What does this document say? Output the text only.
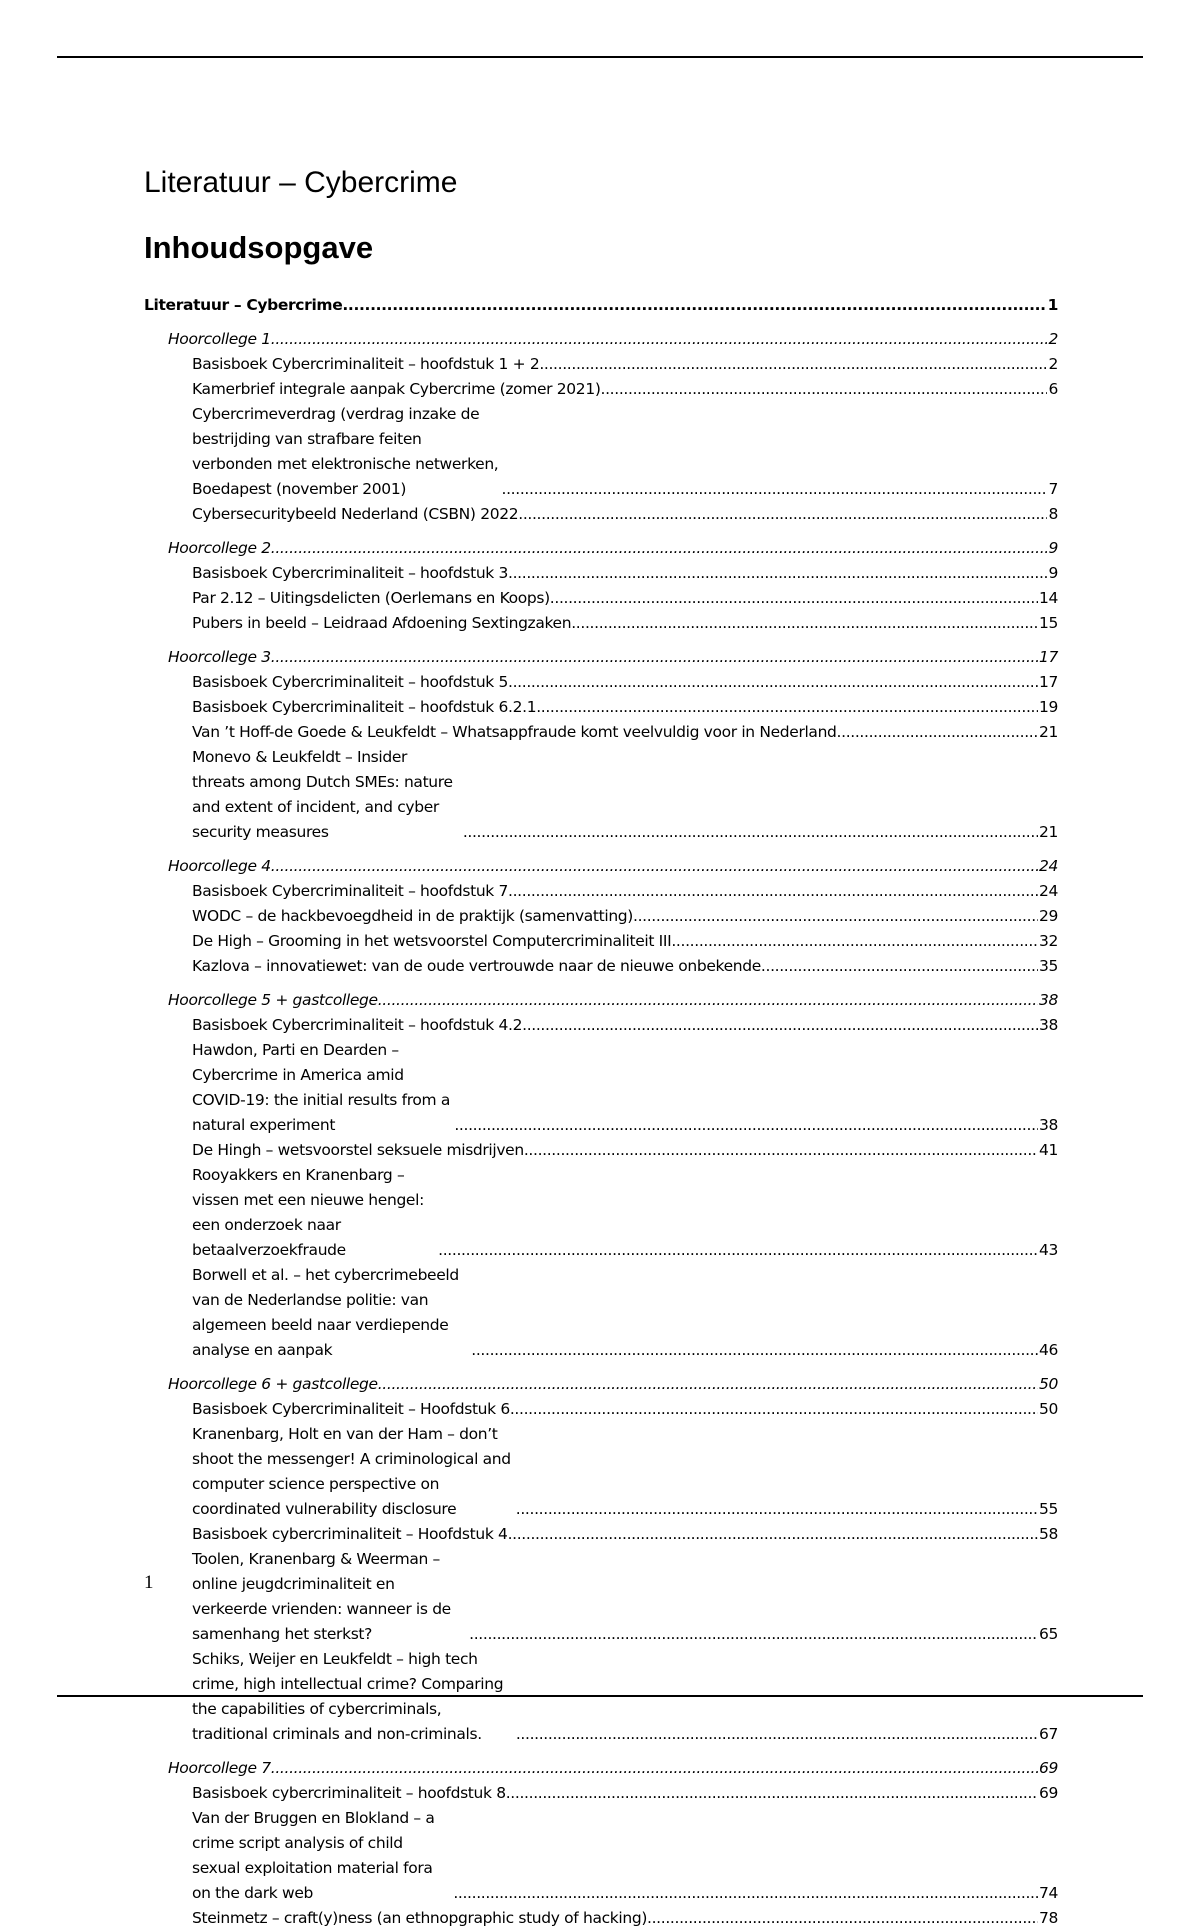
Literatuur – Cybercrime
Inhoudsopgave
Literatuur – Cybercrime .....	1
Hoorcollege 1 .....	2
Basisboek Cybercriminaliteit – hoofdstuk 1 + 2 .....	2
Kamerbrief integrale aanpak Cybercrime (zomer 2021) .....	6
Cybercrimeverdrag (verdrag inzake de bestrijding van strafbare feiten verbonden met elektronische netwerken, Boedapest (november 2001) .....	7
Cybersecuritybeeld Nederland (CSBN) 2022 .....	8
Hoorcollege 2 .....	9
Basisboek Cybercriminaliteit – hoofdstuk 3 .....	9
Par 2.12 – Uitingsdelicten (Oerlemans en Koops) .....	14
Pubers in beeld – Leidraad Afdoening Sextingzaken .....	15
Hoorcollege 3 .....	17
Basisboek Cybercriminaliteit – hoofdstuk 5 .....	17
Basisboek Cybercriminaliteit – hoofdstuk 6.2.1 .....	19
Van ’t Hoff-de Goede & Leukfeldt – Whatsappfraude komt veelvuldig voor in Nederland .....	21
Monevo & Leukfeldt – Insider threats among Dutch SMEs: nature and extent of incident, and cyber security measures .....	21
Hoorcollege 4 .....	24
Basisboek Cybercriminaliteit – hoofdstuk 7 .....	24
WODC – de hackbevoegdheid in de praktijk (samenvatting) .....	29
De High – Grooming in het wetsvoorstel Computercriminaliteit III .....	32
Kazlova – innovatiewet: van de oude vertrouwde naar de nieuwe onbekende .....	35
Hoorcollege 5 + gastcollege .....	38
Basisboek Cybercriminaliteit – hoofdstuk 4.2 .....	38
Hawdon, Parti en Dearden – Cybercrime in America amid COVID-19: the initial results from a natural experiment .....	38
De Hingh – wetsvoorstel seksuele misdrijven .....	41
Rooyakkers en Kranenbarg – vissen met een nieuwe hengel: een onderzoek naar betaalverzoekfraude .....	43
Borwell et al. – het cybercrimebeeld van de Nederlandse politie: van algemeen beeld naar verdiepende analyse en aanpak .....	46
Hoorcollege 6 + gastcollege .....	50
Basisboek Cybercriminaliteit – Hoofdstuk 6 .....	50
Kranenbarg, Holt en van der Ham – don’t shoot the messenger! A criminological and computer science perspective on coordinated vulnerability disclosure .....	55
Basisboek cybercriminaliteit – Hoofdstuk 4 .....	58
Toolen, Kranenbarg & Weerman – online jeugdcriminaliteit en verkeerde vrienden: wanneer is de samenhang het sterkst? .....	65
Schiks, Weijer en Leukfeldt – high tech crime, high intellectual crime? Comparing the capabilities of cybercriminals, traditional criminals and non-criminals. .....	67
Hoorcollege 7 .....	69
Basisboek cybercriminaliteit – hoofdstuk 8 .....	69
Van der Bruggen en Blokland – a crime script analysis of child sexual exploitation material fora on the dark web .....	74
Steinmetz – craft(y)ness (an ethnopgraphic study of hacking) .....	78

1
